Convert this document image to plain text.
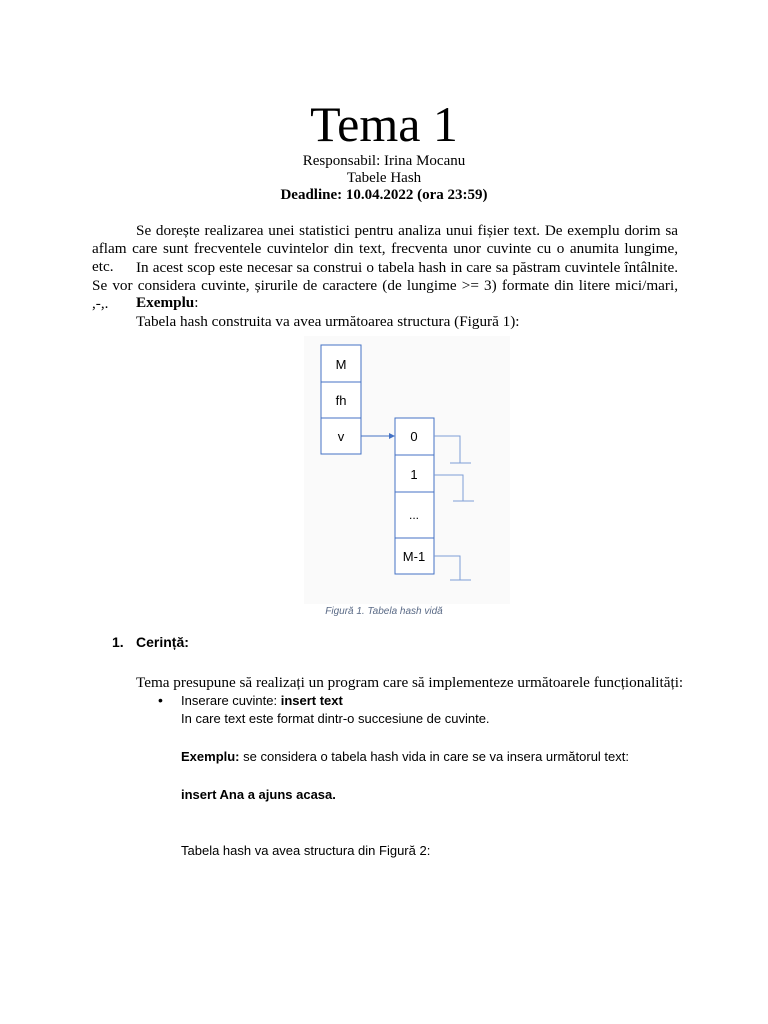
Tema 1
Responsabil: Irina Mocanu
Tabele Hash
Deadline: 10.04.2022 (ora 23:59)
Se dorește realizarea unei statistici pentru analiza unui fișier text. De exemplu dorim sa aflam care sunt frecventele cuvintelor din text, frecventa unor cuvinte cu o anumita lungime, etc.	In acest scop este necesar sa construi o tabela hash in care sa păstram cuvintele întâlnite. Se vor considera cuvinte, șirurile de caractere (de lungime >= 3) formate din litere mici/mari, ,-,.	Exemplu:
Tabela hash construita va avea următoarea structura (Figură 1):
M
fh
v	0
1
...
M-1
Figură 1. Tabela hash vidă
1. Cerință:
Tema presupune să realizați un program care să implementeze următoarele funcționalități:
• Inserare cuvinte: insert text
In care text este format dintr-o succesiune de cuvinte.
Exemplu: se considera o tabela hash vida in care se va insera următorul text:
insert Ana a ajuns acasa.
Tabela hash va avea structura din Figură 2:
